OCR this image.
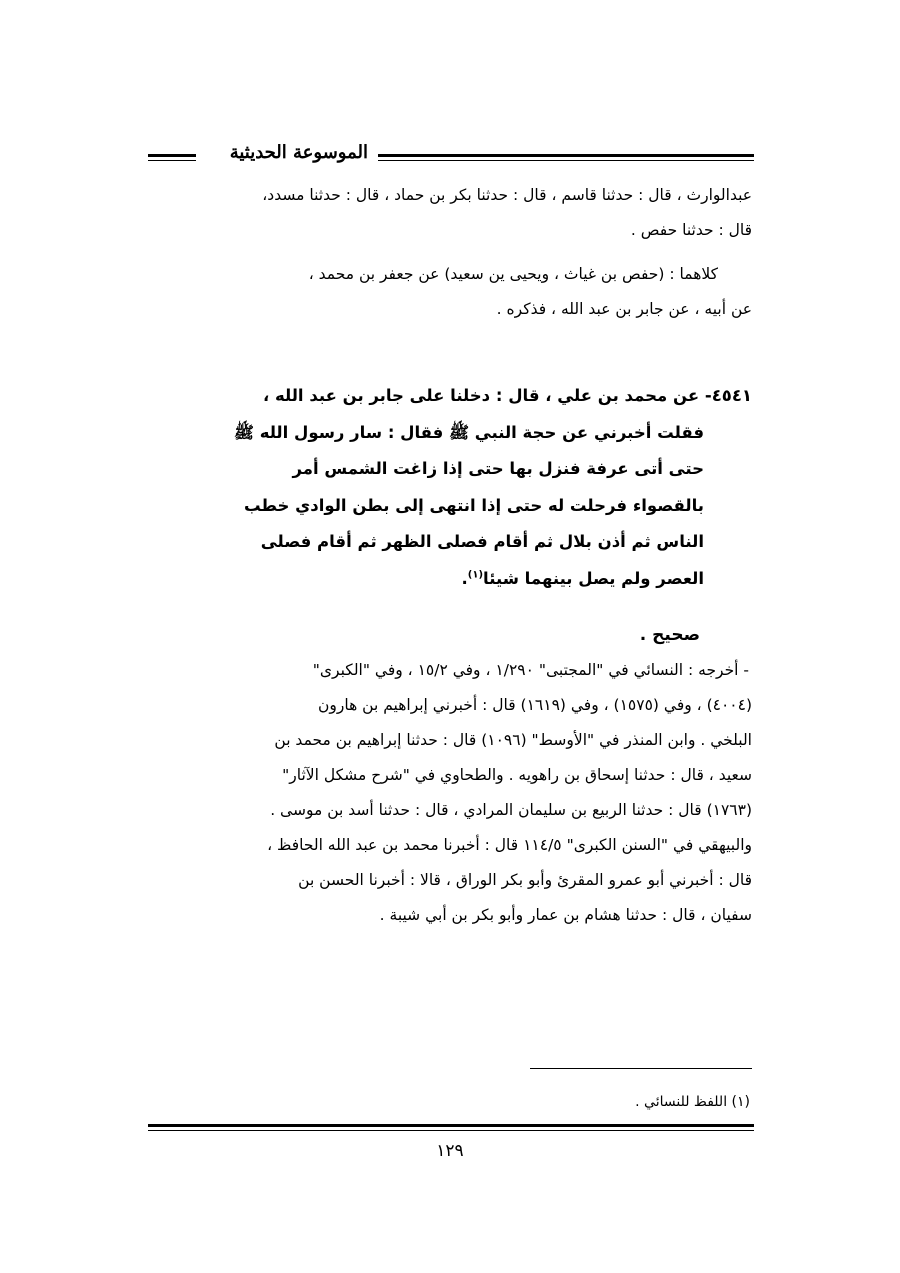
الموسوعة الحديثية
عبدالوارث ، قال : حدثنا قاسم ، قال : حدثنا بكر بن حماد ، قال : حدثنا مسدد،
قال : حدثنا حفص .
كلاهما : (حفص بن غياث ، ويحيى ين سعيد) عن جعفر بن محمد ،
عن أبيه ، عن جابر بن عبد الله ، فذكره .
٤٥٤١- عن محمد بن علي ، قال : دخلنا على جابر بن عبد الله ،
فقلت أخبرني عن حجة النبي ﷺ فقال : سار رسول الله ﷺ
حتى أتى عرفة فنزل بها حتى إذا زاغت الشمس أمر
بالقصواء فرحلت له حتى إذا انتهى إلى بطن الوادي خطب
الناس ثم أذن بلال ثم أقام فصلى الظهر ثم أقام فصلى
العصر ولم يصل بينهما شيئا$^{(١)}$.
صحيح .
- أخرجه : النسائي في "المجتبى" ١/٢٩٠ ، وفي ١٥/٢ ، وفي "الكبرى"
(٤٠٠٤) ، وفي (١٥٧٥) ، وفي (١٦١٩) قال : أخبرني إبراهيم بن هارون
البلخي . وابن المنذر في "الأوسط" (١٠٩٦) قال : حدثنا إبراهيم بن محمد بن
سعيد ، قال : حدثنا إسحاق بن راهويه . والطحاوي في "شرح مشكل الآثار"
(١٧٦٣) قال : حدثنا الربيع بن سليمان المرادي ، قال : حدثنا أسد بن موسى .
والبيهقي في "السنن الكبرى" ١١٤/٥ قال : أخبرنا محمد بن عبد الله الحافظ ،
قال : أخبرني أبو عمرو المقرئ وأبو بكر الوراق ، قالا : أخبرنا الحسن بن
سفيان ، قال : حدثنا هشام بن عمار وأبو بكر بن أبي شيبة .
(١) اللفظ للنسائي .
١٢٩
